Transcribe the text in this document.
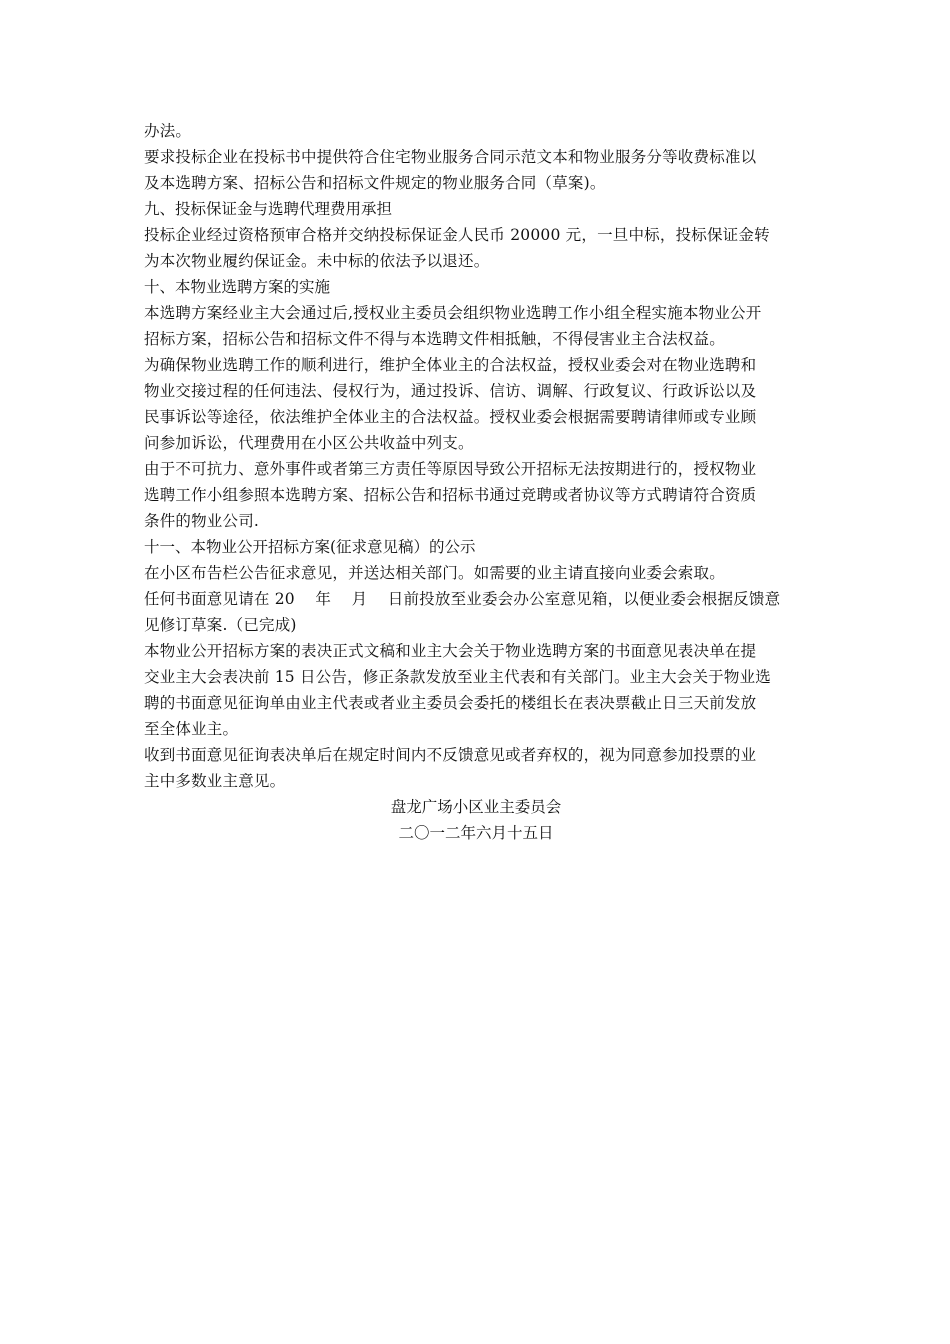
办法。

要求投标企业在投标书中提供符合住宅物业服务合同示范文本和物业服务分等收费标准以

及本选聘方案、招标公告和招标文件规定的物业服务合同（草案)。

九、投标保证金与选聘代理费用承担

投标企业经过资格预审合格并交纳投标保证金人民币 20000 元，一旦中标，投标保证金转

为本次物业履约保证金。未中标的依法予以退还。

十、本物业选聘方案的实施

本选聘方案经业主大会通过后,授权业主委员会组织物业选聘工作小组全程实施本物业公开

招标方案，招标公告和招标文件不得与本选聘文件相抵触，不得侵害业主合法权益。

为确保物业选聘工作的顺利进行，维护全体业主的合法权益，授权业委会对在物业选聘和

物业交接过程的任何违法、侵权行为，通过投诉、信访、调解、行政复议、行政诉讼以及

民事诉讼等途径，依法维护全体业主的合法权益。授权业委会根据需要聘请律师或专业顾

问参加诉讼，代理费用在小区公共收益中列支。

由于不可抗力、意外事件或者第三方责任等原因导致公开招标无法按期进行的，授权物业

选聘工作小组参照本选聘方案、招标公告和招标书通过竞聘或者协议等方式聘请符合资质

条件的物业公司.

十一、本物业公开招标方案(征求意见稿）的公示

在小区布告栏公告征求意见，并送达相关部门。如需要的业主请直接向业委会索取。

任何书面意见请在 20    年    月    日前投放至业委会办公室意见箱，以便业委会根据反馈意

见修订草案.（已完成)

本物业公开招标方案的表决正式文稿和业主大会关于物业选聘方案的书面意见表决单在提

交业主大会表决前 15 日公告，修正条款发放至业主代表和有关部门。业主大会关于物业选

聘的书面意见征询单由业主代表或者业主委员会委托的楼组长在表决票截止日三天前发放

至全体业主。

收到书面意见征询表决单后在规定时间内不反馈意见或者弃权的，视为同意参加投票的业

主中多数业主意见。

盘龙广场小区业主委员会

二〇一二年六月十五日
